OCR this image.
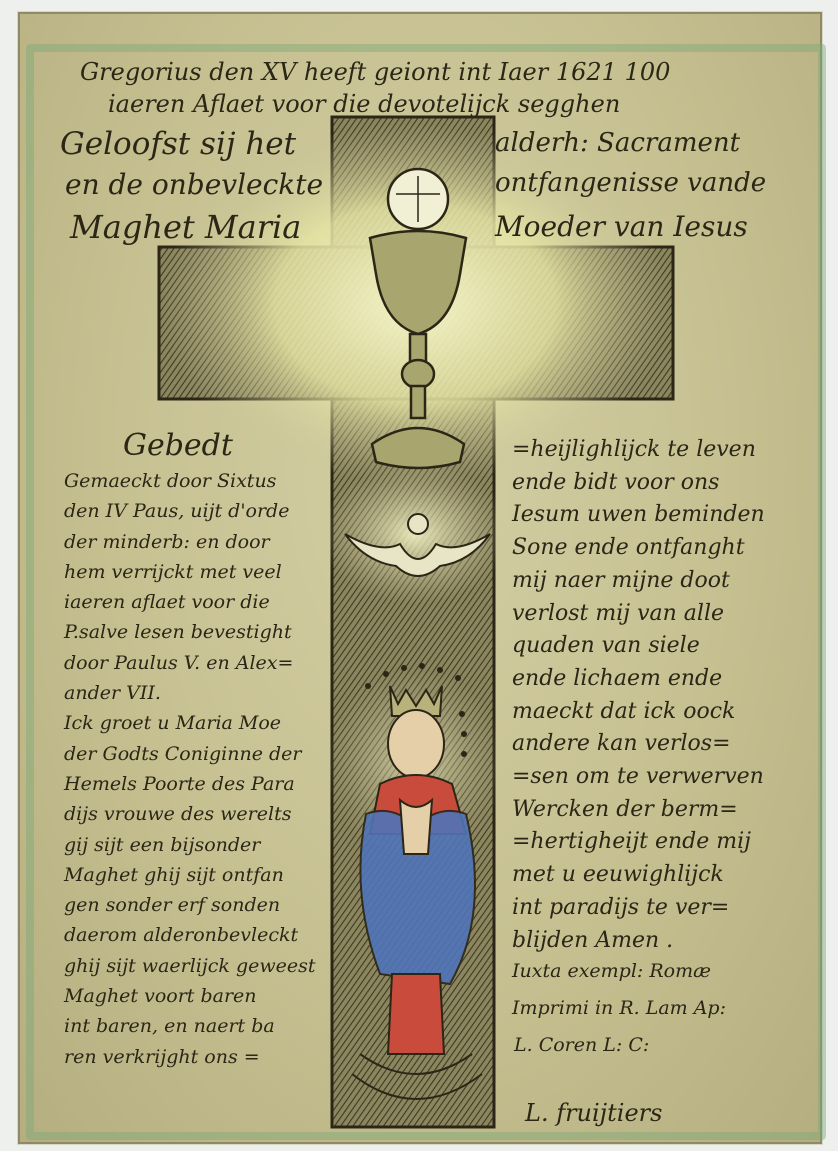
Gregorius den XV heeft geiont int Iaer 1621 100
iaeren Aflaet voor die devotelijck segghen
Geloofst sij het	alderh: Sacrament
en de onbevleckte	ontfangenisse vande
Maghet Maria	Moeder van Iesus
Gebedt
Gemaeckt door Sixtus
den IV Paus, uijt d'orde
der minderb: en door
hem verrijckt met veel
iaeren aflaet voor die
P.salve lesen bevestight
door Paulus V. en Alex=
ander VII.
Ick groet u Maria Moe
der Godts Coniginne der
Hemels Poorte des Para
dijs vrouwe des werelts
gij sijt een bijsonder
Maghet ghij sijt ontfan
gen sonder erf sonden
daerom alderonbevleckt
ghij sijt waerlijck geweest
Maghet voort baren
int baren, en naert ba
ren verkrijght ons =
=heijlighlijck te leven
ende bidt voor ons
Iesum uwen beminden
Sone ende ontfanght
mij naer mijne doot
verlost mij van alle
quaden van siele
ende lichaem ende
maeckt dat ick oock
andere kan verlos=
=sen om te verwerven
Wercken der berm=
=hertigheijt ende mij
met u eeuwighlijck
int paradijs te ver=
blijden Amen .
Iuxta exempl: Romæ
Imprimi in R. Lam Ap:
L. Coren L: C:
L. fruijtiers
